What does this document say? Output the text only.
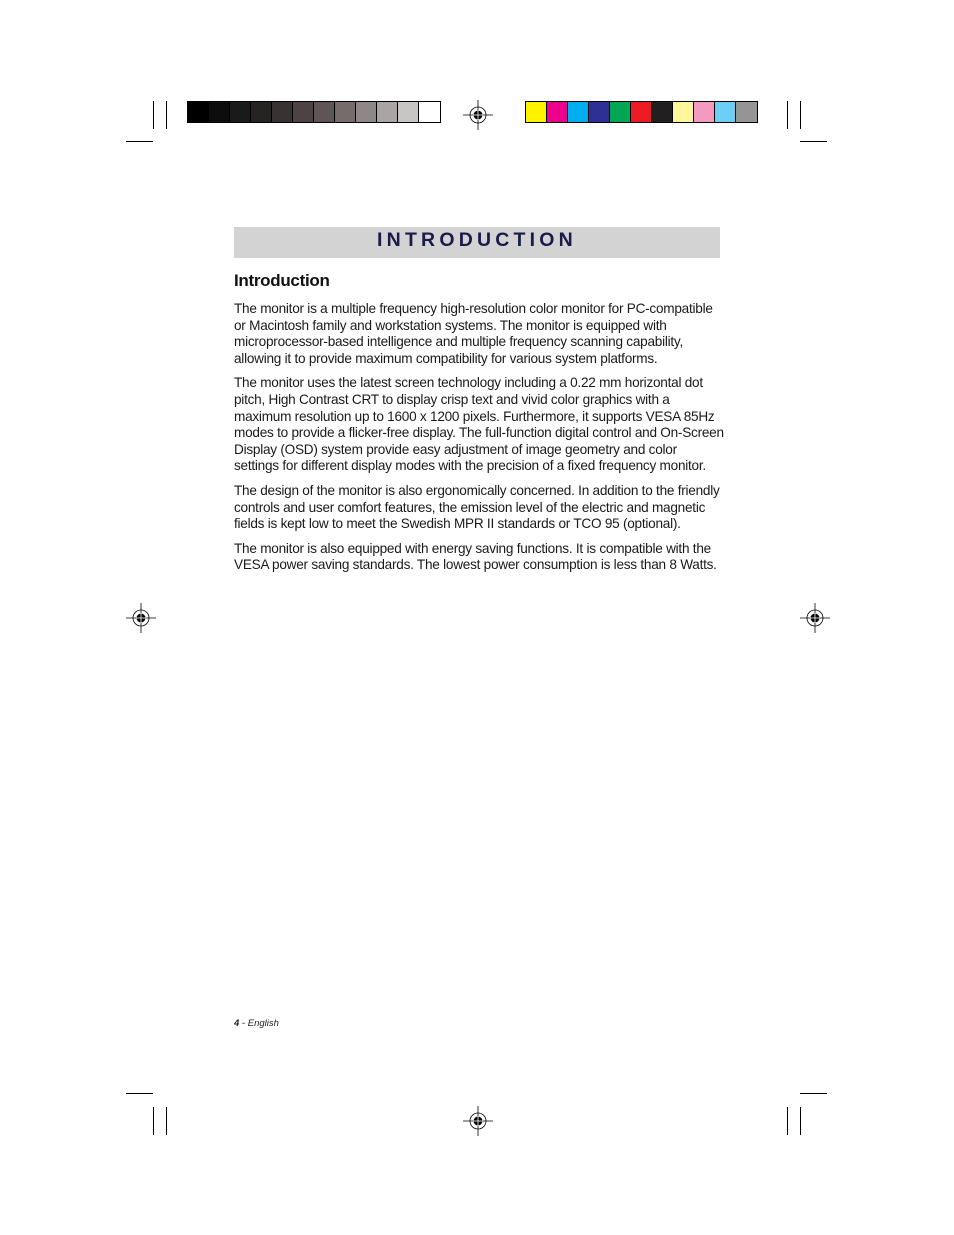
INTRODUCTION
Introduction

The monitor is a multiple frequency high-resolution color monitor for PC-compatible or Macintosh family and workstation systems. The monitor is equipped with microprocessor-based intelligence and multiple frequency scanning capability, allowing it to provide maximum compatibility for various system platforms.

The monitor uses the latest screen technology including a 0.22 mm horizontal dot pitch, High Contrast CRT to display crisp text and vivid color graphics with a maximum resolution up to 1600 x 1200 pixels. Furthermore, it supports VESA 85Hz modes to provide a flicker-free display. The full-function digital control and On-Screen Display (OSD) system provide easy adjustment of image geometry and color settings for different display modes with the precision of a fixed frequency monitor.

The design of the monitor is also ergonomically concerned. In addition to the friendly controls and user comfort features, the emission level of the electric and magnetic fields is kept low to meet the Swedish MPR II standards or TCO 95 (optional).

The monitor is also equipped with energy saving functions. It is compatible with the VESA power saving standards. The lowest power consumption is less than 8 Watts.

4 - English
